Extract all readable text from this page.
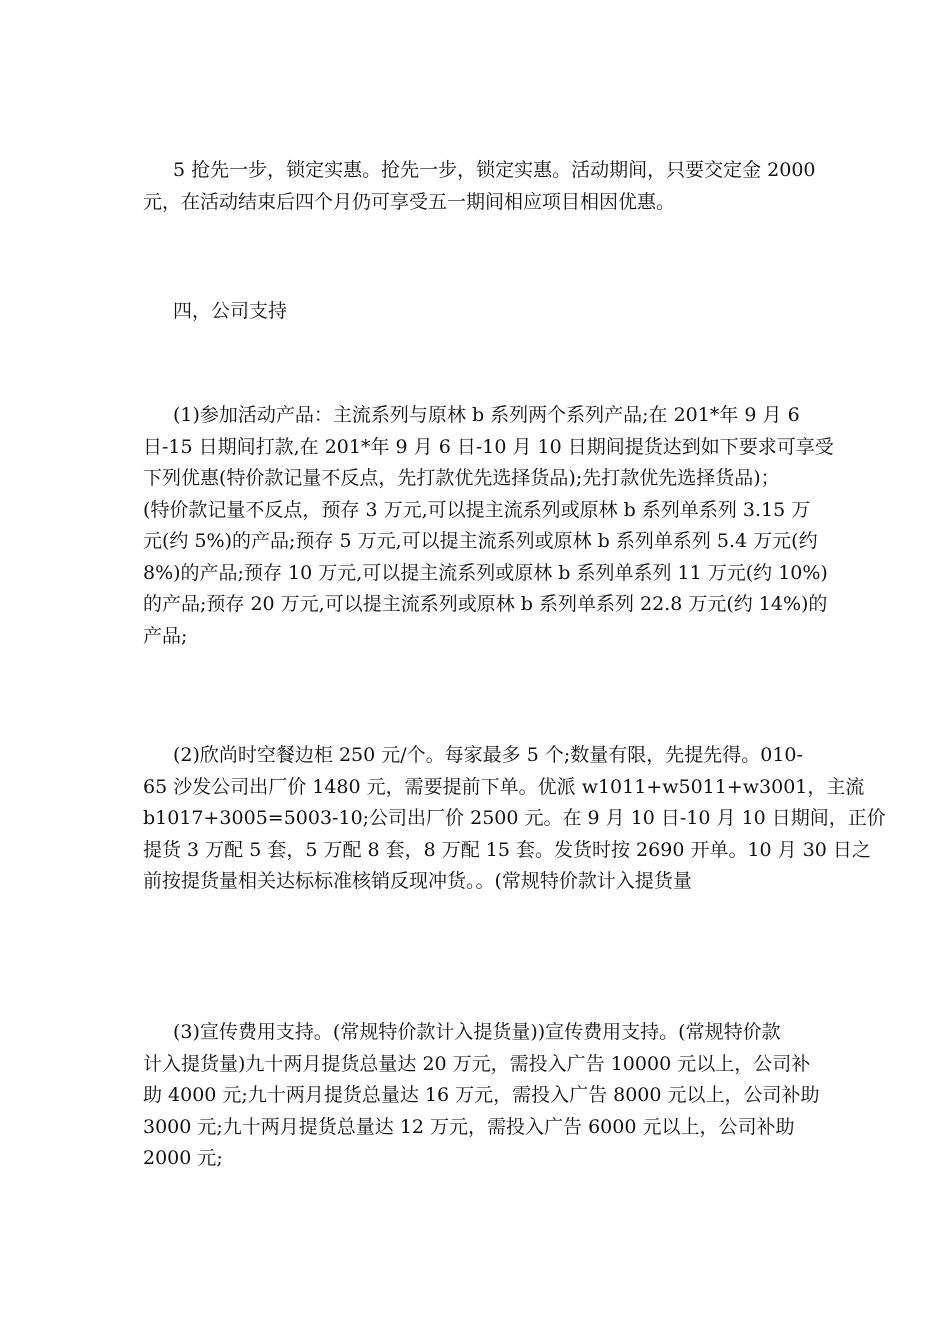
5 抢先一步，锁定实惠。抢先一步，锁定实惠。活动期间，只要交定金 2000
元，在活动结束后四个月仍可享受五一期间相应项目相因优惠。

四，公司支持

(1)参加活动产品：主流系列与原林 b 系列两个系列产品;在 201*年 9 月 6
日-15 日期间打款,在 201*年 9 月 6 日-10 月 10 日期间提货达到如下要求可享受
下列优惠(特价款记量不反点，先打款优先选择货品);先打款优先选择货品)；
(特价款记量不反点，预存 3 万元,可以提主流系列或原林 b 系列单系列 3.15 万
元(约 5%)的产品;预存 5 万元,可以提主流系列或原林 b 系列单系列 5.4 万元(约
8%)的产品;预存 10 万元,可以提主流系列或原林 b 系列单系列 11 万元(约 10%)
的产品;预存 20 万元,可以提主流系列或原林 b 系列单系列 22.8 万元(约 14%)的
产品;

(2)欣尚时空餐边柜 250 元/个。每家最多 5 个;数量有限，先提先得。010-
65 沙发公司出厂价 1480 元，需要提前下单。优派 w1011+w5011+w3001，主流
b1017+3005=5003-10;公司出厂价 2500 元。在 9 月 10 日-10 月 10 日期间，正价
提货 3 万配 5 套，5 万配 8 套，8 万配 15 套。发货时按 2690 开单。10 月 30 日之
前按提货量相关达标标准核销反现冲货。。(常规特价款计入提货量

(3)宣传费用支持。(常规特价款计入提货量))宣传费用支持。(常规特价款
计入提货量)九十两月提货总量达 20 万元，需投入广告 10000 元以上，公司补
助 4000 元;九十两月提货总量达 16 万元，需投入广告 8000 元以上，公司补助
3000 元;九十两月提货总量达 12 万元，需投入广告 6000 元以上，公司补助
2000 元;
